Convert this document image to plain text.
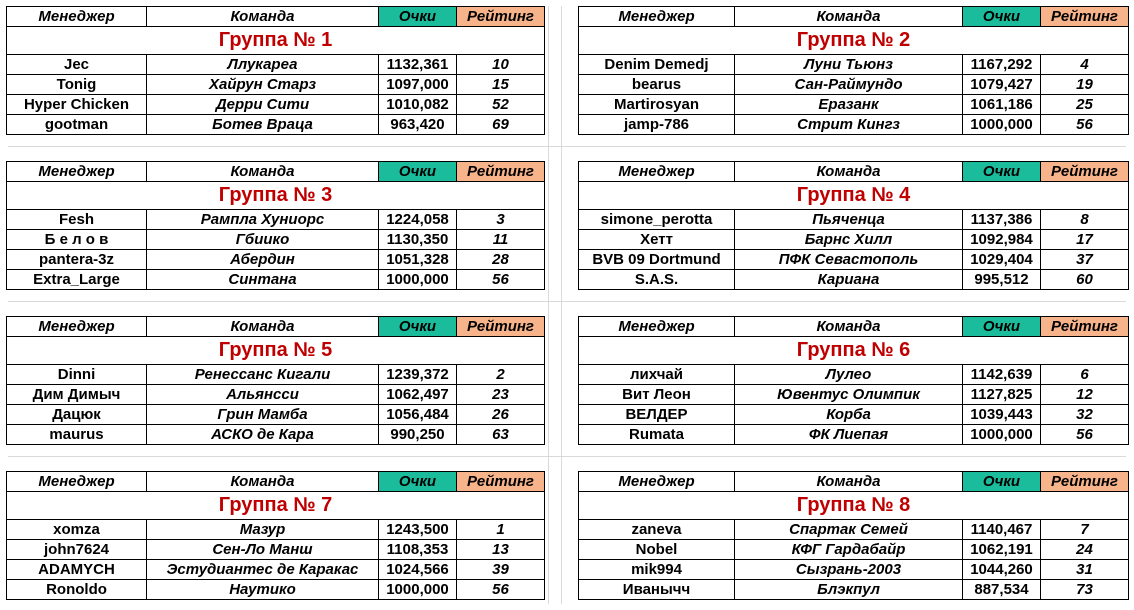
Менеджер	Команда	Очки	Рейтинг
Группа № 1			
Jec	Ллукареа	1132,361	10
Tonig	Хайрун Старз	1097,000	15
Hyper Chicken	Дерри Сити	1010,082	52
gootman	Ботев Враца	963,420	69
Менеджер	Команда	Очки	Рейтинг
Группа № 2			
Denim Demedj	Луни Тьюнз	1167,292	4
bearus	Сан-Раймундо	1079,427	19
Martirosyan	Еразанк	1061,186	25
jamp-786	Стрит Кингз	1000,000	56
Менеджер	Команда	Очки	Рейтинг
Группа № 3			
Fesh	Рампла Хуниорс	1224,058	3
Б е л о в	Гбиико	1130,350	11
pantera-3z	Абердин	1051,328	28
Extra_Large	Синтана	1000,000	56
Менеджер	Команда	Очки	Рейтинг
Группа № 4			
simone_perotta	Пьяченца	1137,386	8
Хетт	Барнс Хилл	1092,984	17
BVB 09 Dortmund	ПФК Севастополь	1029,404	37
S.A.S.	Кариана	995,512	60
Менеджер	Команда	Очки	Рейтинг
Группа № 5			
Dinni	Ренессанс Кигали	1239,372	2
Дим Димыч	Альянсси	1062,497	23
Дацюк	Грин Мамба	1056,484	26
maurus	АСКО де Кара	990,250	63
Менеджер	Команда	Очки	Рейтинг
Группа № 6			
лихчай	Лулео	1142,639	6
Вит Леон	Ювентус Олимпик	1127,825	12
ВЕЛДЕР	Корба	1039,443	32
Rumata	ФК Лиепая	1000,000	56
Менеджер	Команда	Очки	Рейтинг
Группа № 7			
xomza	Мазур	1243,500	1
john7624	Сен-Ло Манш	1108,353	13
ADAMYCH	Эстудиантес де Каракас	1024,566	39
Ronoldo	Наутико	1000,000	56
Менеджер	Команда	Очки	Рейтинг
Группа № 8			
zaneva	Спартак Семей	1140,467	7
Nobel	КФГ Гардабайр	1062,191	24
mik994	Сызрань-2003	1044,260	31
Иванычч	Блэкпул	887,534	73
